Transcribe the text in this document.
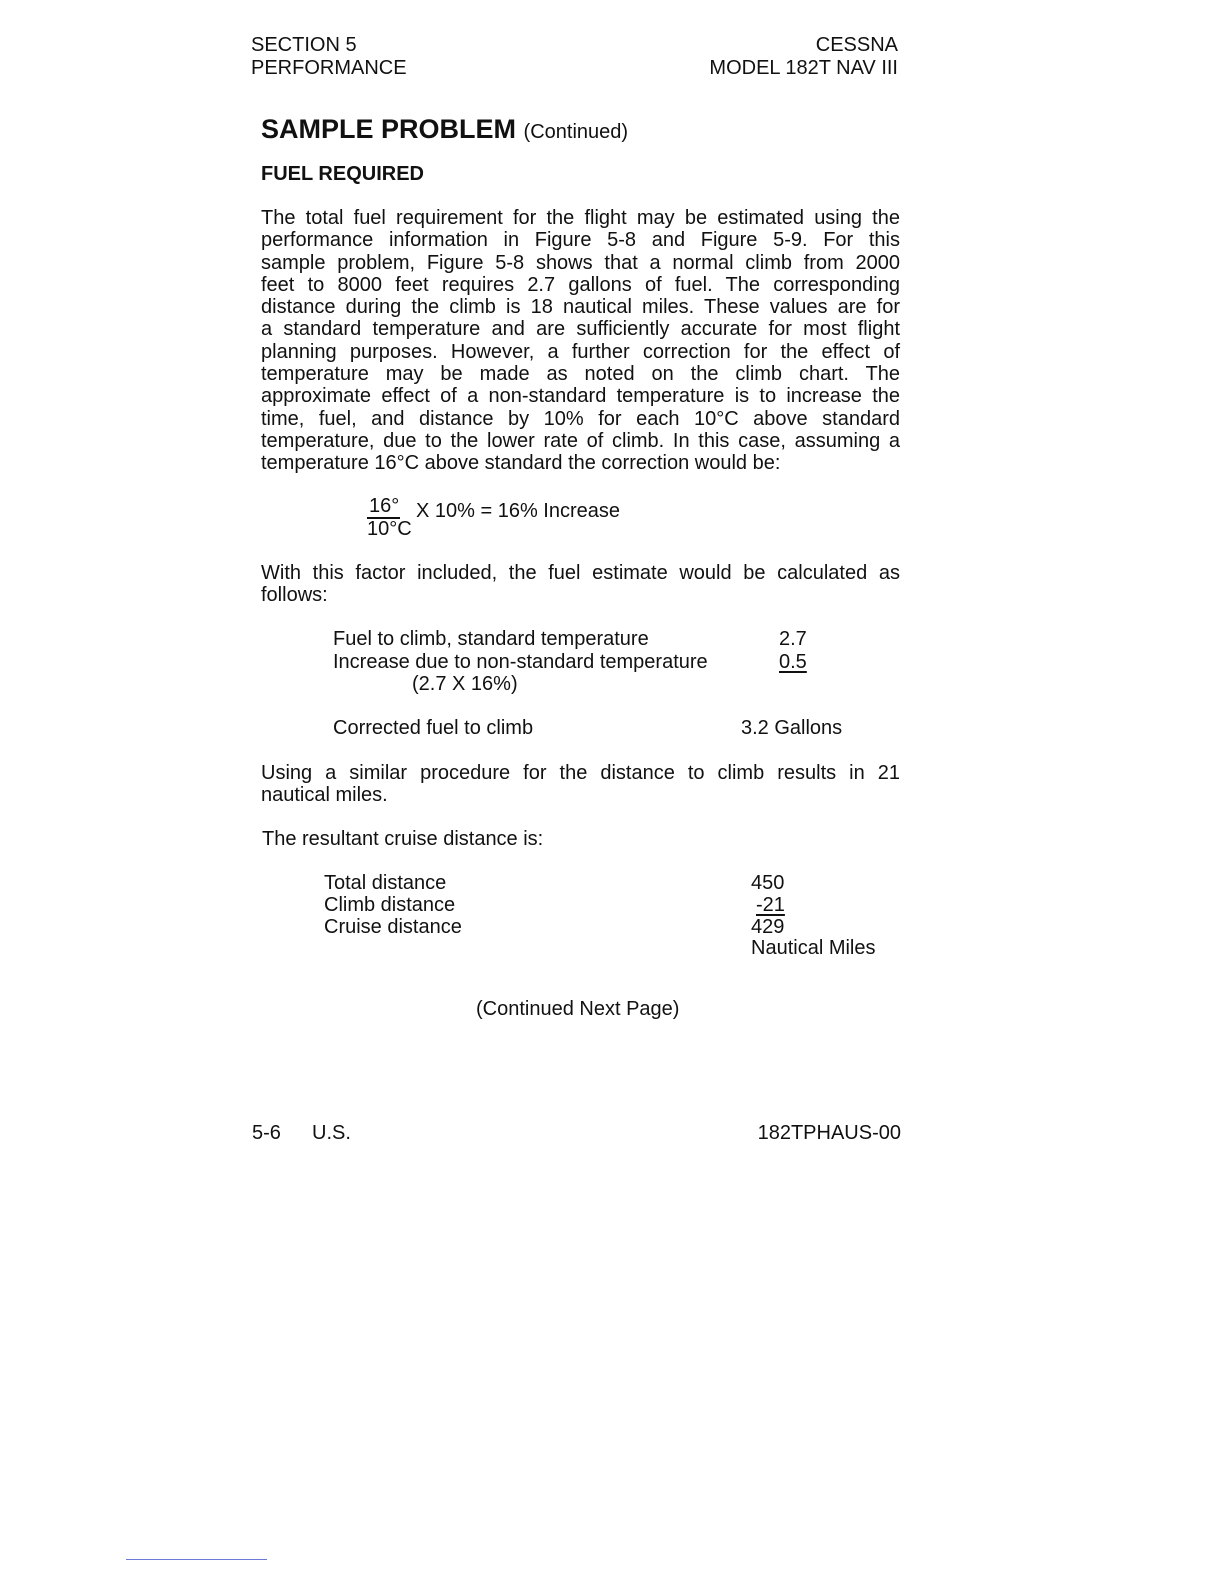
SECTION 5
PERFORMANCE
CESSNA
MODEL 182T NAV III
SAMPLE PROBLEM (Continued)
FUEL REQUIRED
The total fuel requirement for the flight may be estimated using the
performance information in Figure 5-8 and Figure 5-9. For this
sample problem, Figure 5-8 shows that a normal climb from 2000
feet to 8000 feet requires 2.7 gallons of fuel. The corresponding
distance during the climb is 18 nautical miles. These values are for
a standard temperature and are sufficiently accurate for most flight
planning purposes. However, a further correction for the effect of
temperature may be made as noted on the climb chart. The
approximate effect of a non-standard temperature is to increase the
time, fuel, and distance by 10% for each 10°C above standard
temperature, due to the lower rate of climb. In this case, assuming a
temperature 16°C above standard the correction would be:
16°
10°C
X 10% = 16% Increase
With this factor included, the fuel estimate would be calculated as
follows:
Fuel to climb, standard temperature	2.7
Increase due to non-standard temperature	0.5
(2.7 X 16%)
Corrected fuel to climb	3.2 Gallons
Using a similar procedure for the distance to climb results in 21
nautical miles.
The resultant cruise distance is:
Total distance	450
Climb distance	-21
Cruise distance	429
Nautical Miles
(Continued Next Page)
5-6 U.S.	182TPHAUS-00
